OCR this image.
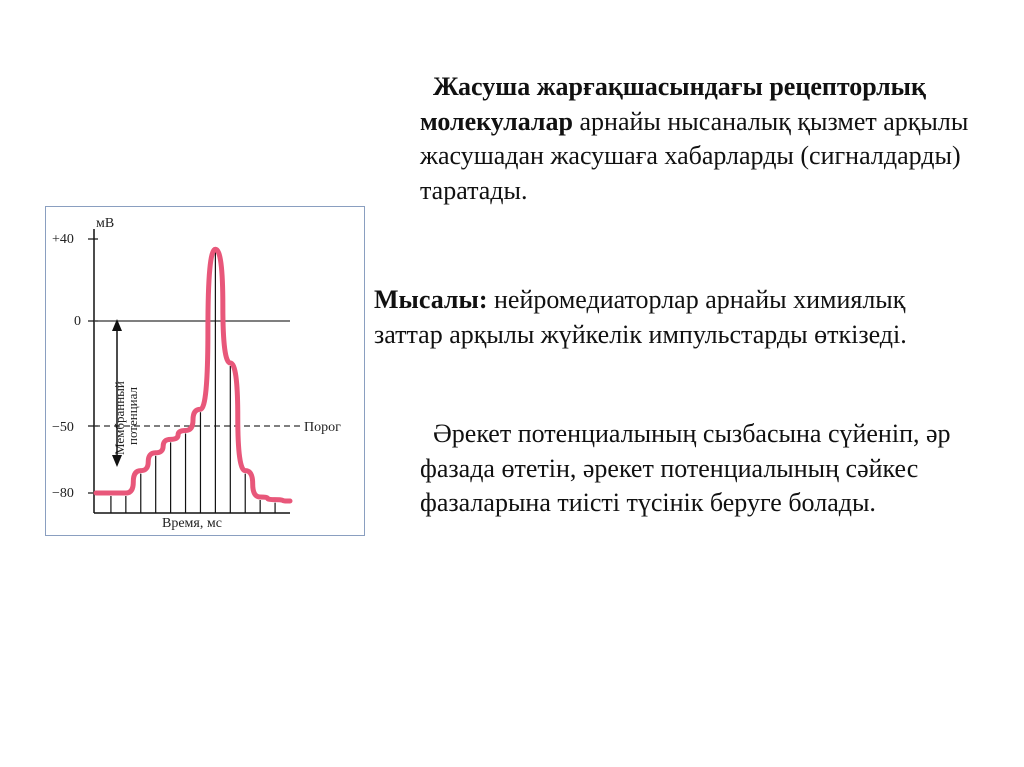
мВ
+40
0
−50
−80
Порог
Время, мс
Мембранный
потенциал

Жасуша жарғақшасындағы рецепторлық молекулалар арнайы нысаналық қызмет арқылы жасушадан жасушаға хабарларды (сигналдарды) таратады.

Мысалы: нейромедиаторлар арнайы химиялық заттар арқылы жүйкелік импульстарды өткізеді.

Әрекет потенциалының сызбасына сүйеніп, әр фазада өтетін, әрекет потенциалының сәйкес фазаларына тиісті түсінік беруге болады.
